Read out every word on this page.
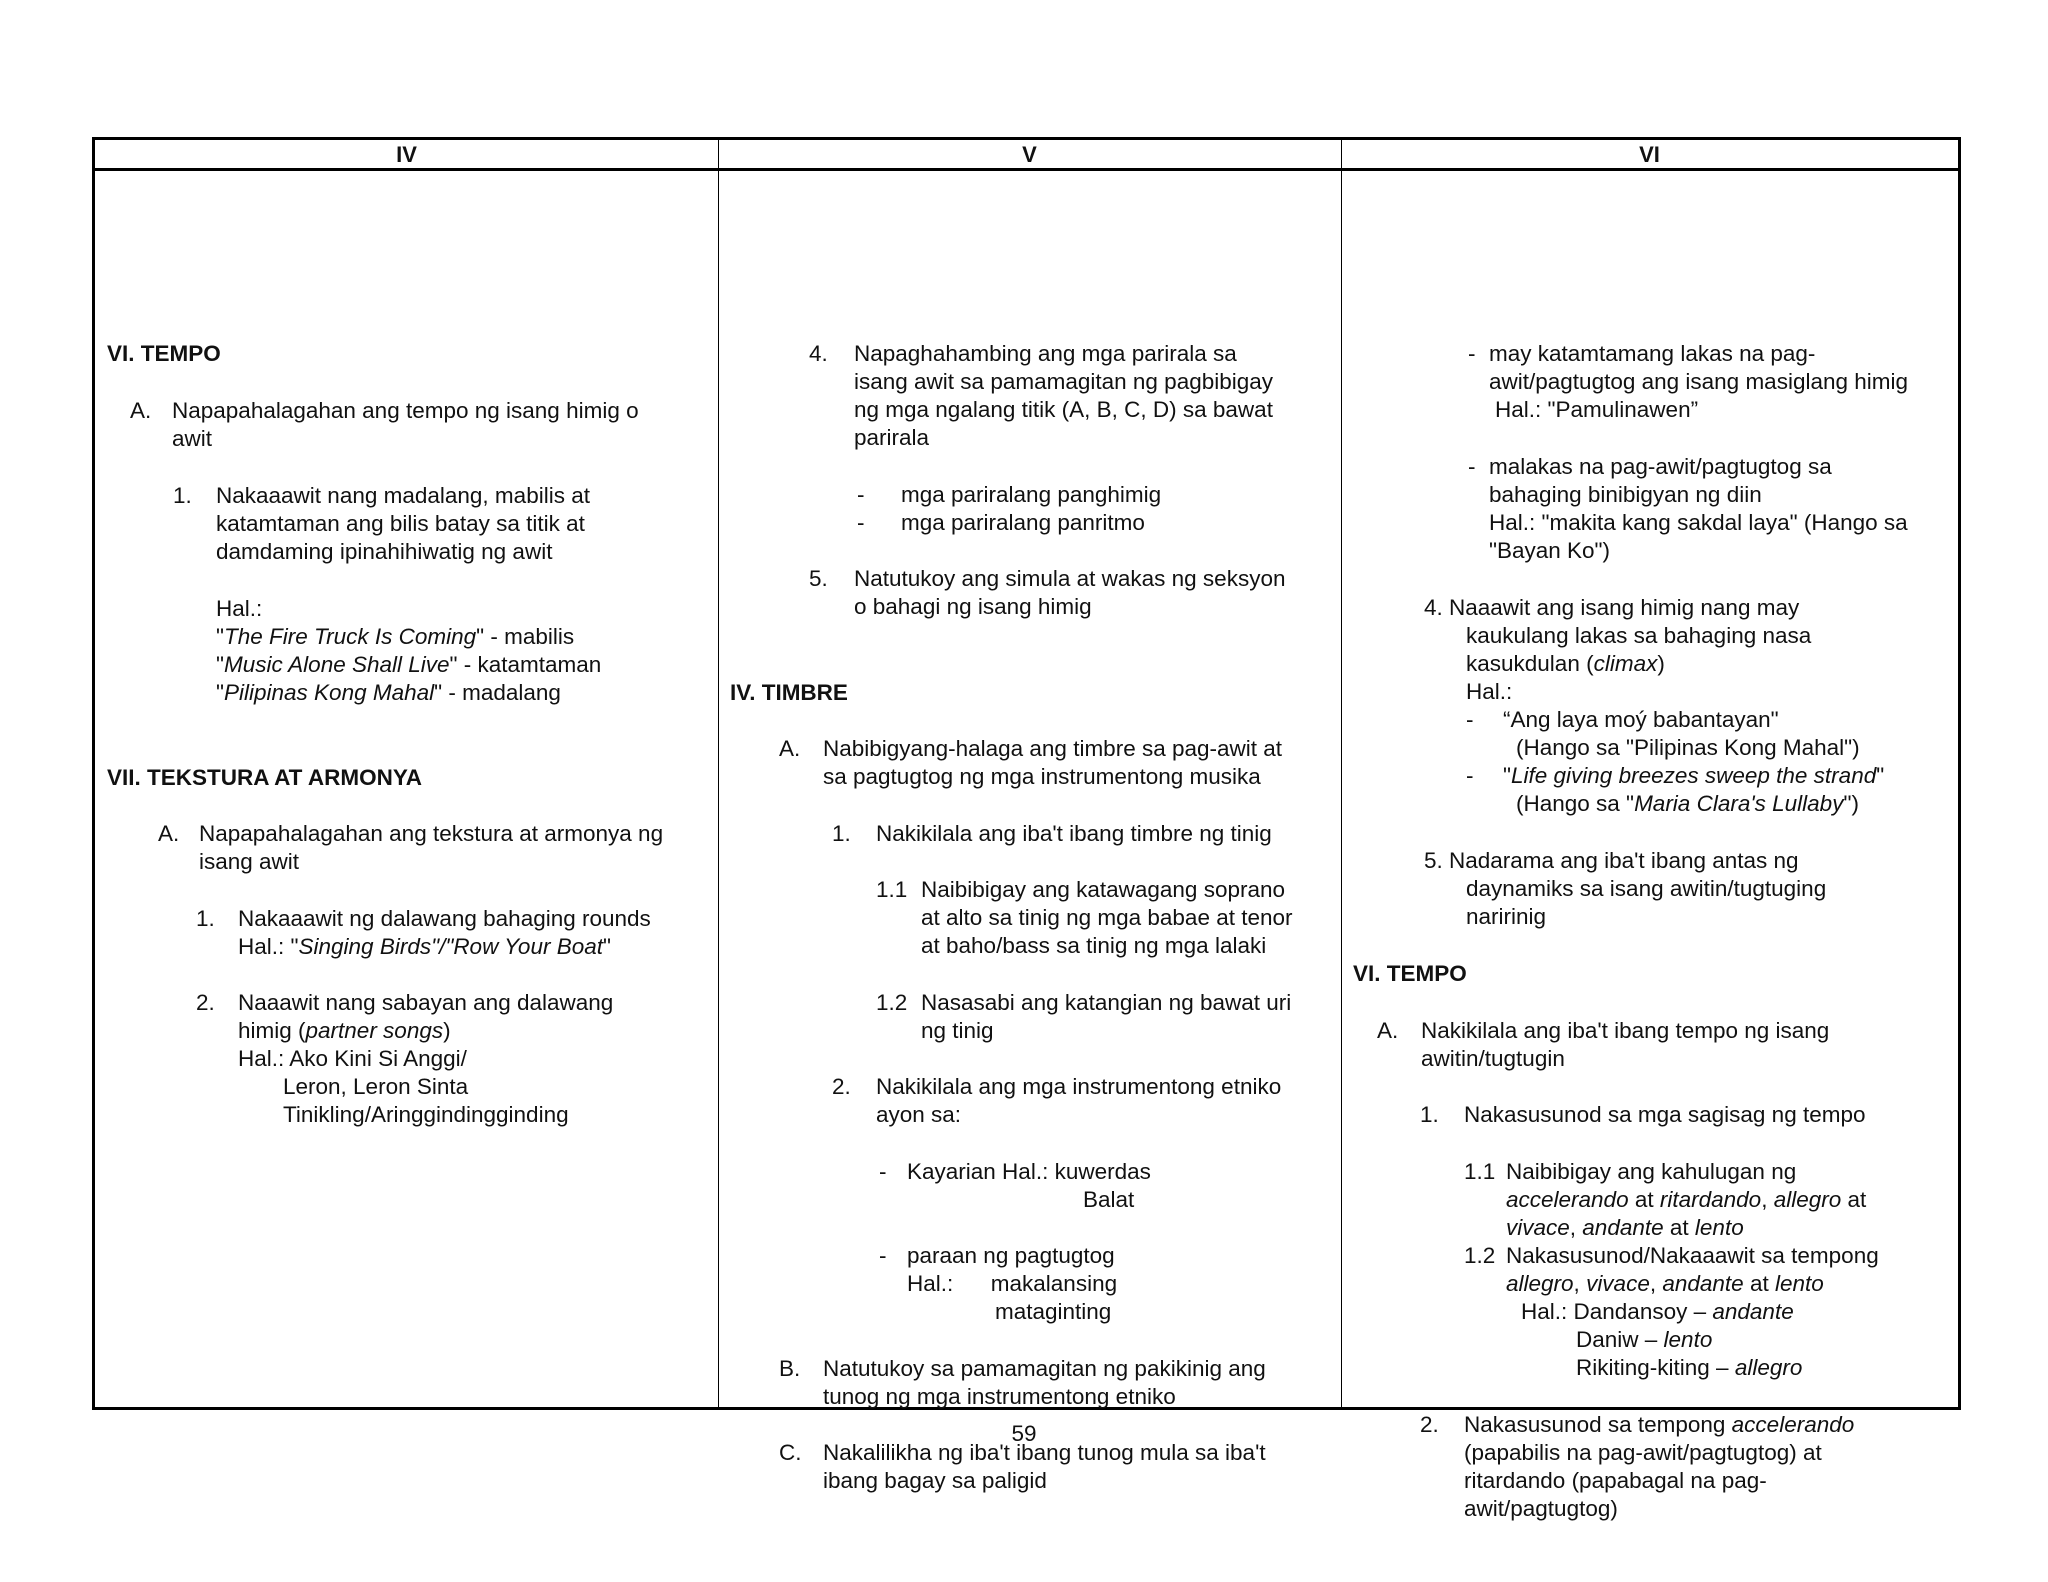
IV	V	VI
VI. TEMPO
A. Napapahalagahan ang tempo ng isang himig o
awit
1. Nakaaawit nang madalang, mabilis at
katamtaman ang bilis batay sa titik at
damdaming ipinahihiwatig ng awit
Hal.:
"The Fire Truck Is Coming" - mabilis
"Music Alone Shall Live" - katamtaman
"Pilipinas Kong Mahal" - madalang
VII. TEKSTURA AT ARMONYA
A. Napapahalagahan ang tekstura at armonya ng
isang awit
1. Nakaaawit ng dalawang bahaging rounds
Hal.: "Singing Birds"/"Row Your Boat"
2. Naaawit nang sabayan ang dalawang
himig (partner songs)
Hal.: Ako Kini Si Anggi/
Leron, Leron Sinta
Tinikling/Aringgindingginding
4. Napaghahambing ang mga parirala sa
isang awit sa pamamagitan ng pagbibigay
ng mga ngalang titik (A, B, C, D) sa bawat
parirala
- mga pariralang panghimig
- mga pariralang panritmo
5. Natutukoy ang simula at wakas ng seksyon
o bahagi ng isang himig
IV. TIMBRE
A. Nabibigyang-halaga ang timbre sa pag-awit at
sa pagtugtog ng mga instrumentong musika
1. Nakikilala ang iba't ibang timbre ng tinig
1.1 Naibibigay ang katawagang soprano
at alto sa tinig ng mga babae at tenor
at baho/bass sa tinig ng mga lalaki
1.2 Nasasabi ang katangian ng bawat uri
ng tinig
2. Nakikilala ang mga instrumentong etniko
ayon sa:
- Kayarian Hal.: kuwerdas
Balat
- paraan ng pagtugtog
Hal.:      makalansing
mataginting
B. Natutukoy sa pamamagitan ng pakikinig ang
tunog ng mga instrumentong etniko
C. Nakalilikha ng iba't ibang tunog mula sa iba't
ibang bagay sa paligid
- may katamtamang lakas na pag-
awit/pagtugtog ang isang masiglang himig
Hal.: "Pamulinawen”
- malakas na pag-awit/pagtugtog sa
bahaging binibigyan ng diin
Hal.: "makita kang sakdal laya" (Hango sa
"Bayan Ko")
4. Naaawit ang isang himig nang may
kaukulang lakas sa bahaging nasa
kasukdulan (climax)
Hal.:
- “Ang laya moý babantayan"
(Hango sa "Pilipinas Kong Mahal")
- "Life giving breezes sweep the strand"
(Hango sa "Maria Clara's Lullaby")
5. Nadarama ang iba't ibang antas ng
daynamiks sa isang awitin/tugtuging
naririnig
VI. TEMPO
A. Nakikilala ang iba't ibang tempo ng isang
awitin/tugtugin
1. Nakasusunod sa mga sagisag ng tempo
1.1 Naibibigay ang kahulugan ng
accelerando at ritardando, allegro at
vivace, andante at lento
1.2 Nakasusunod/Nakaaawit sa tempong
allegro, vivace, andante at lento
Hal.: Dandansoy – andante
Daniw – lento
Rikiting-kiting – allegro
2. Nakasusunod sa tempong accelerando
(papabilis na pag-awit/pagtugtog) at
ritardando (papabagal na pag-
awit/pagtugtog)
59
